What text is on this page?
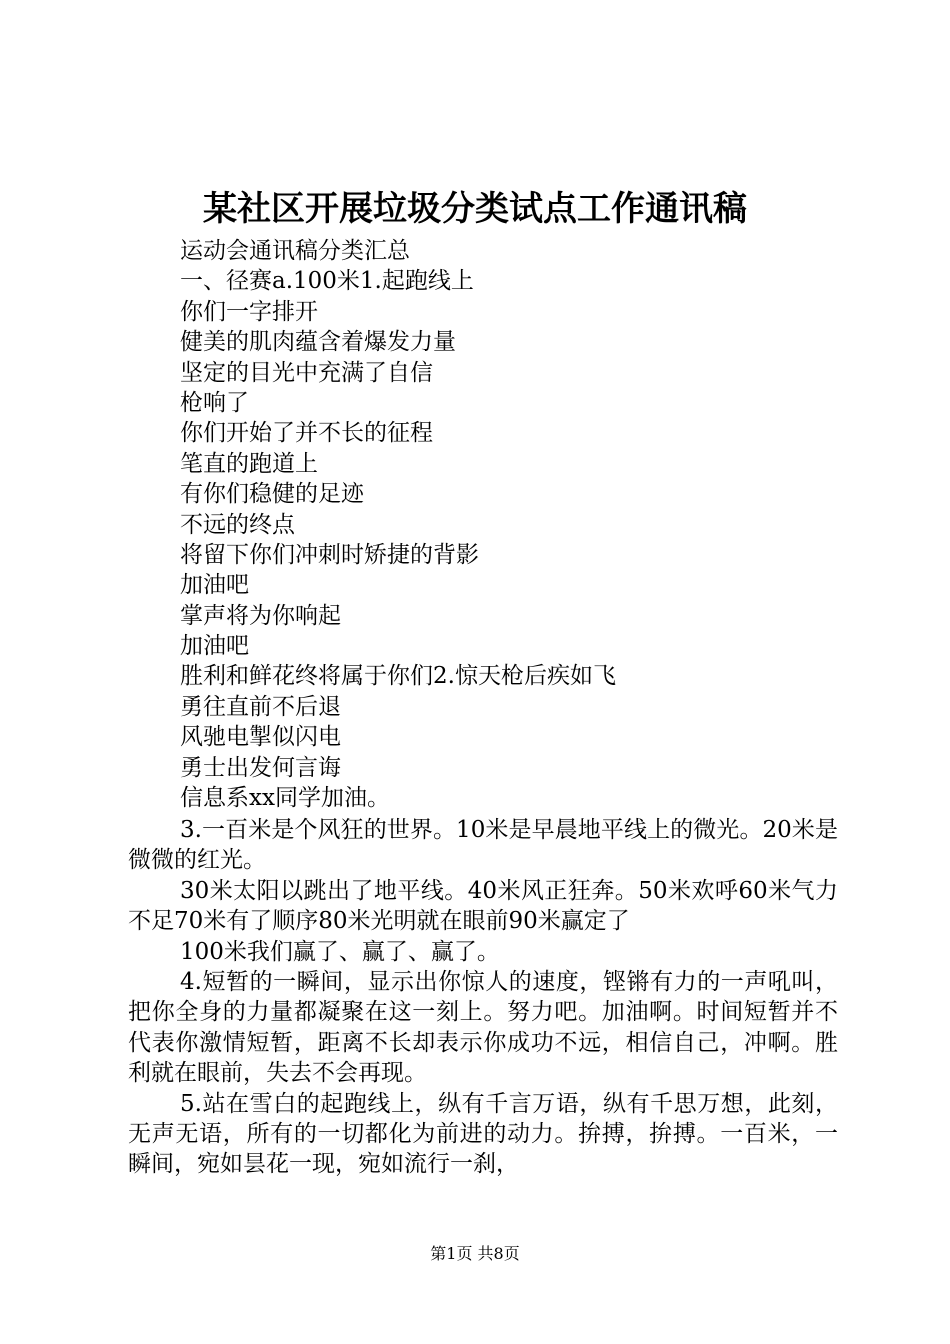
某社区开展垃圾分类试点工作通讯稿
运动会通讯稿分类汇总
一、径赛a.100米1.起跑线上
你们一字排开
健美的肌肉蕴含着爆发力量
坚定的目光中充满了自信
枪响了
你们开始了并不长的征程
笔直的跑道上
有你们稳健的足迹
不远的终点
将留下你们冲刺时矫捷的背影
加油吧
掌声将为你响起
加油吧
胜利和鲜花终将属于你们2.惊天枪后疾如飞
勇往直前不后退
风驰电掣似闪电
勇士出发何言诲
信息系xx同学加油。

3.一百米是个风狂的世界。10米是早晨地平线上的微光。20米是微微的红光。

30米太阳以跳出了地平线。40米风正狂奔。50米欢呼60米气力不足70米有了顺序80米光明就在眼前90米赢定了

100米我们赢了、赢了、赢了。

4.短暂的一瞬间，显示出你惊人的速度，铿锵有力的一声吼叫，把你全身的力量都凝聚在这一刻上。努力吧。加油啊。时间短暂并不代表你激情短暂，距离不长却表示你成功不远，相信自己，冲啊。胜利就在眼前，失去不会再现。

5.站在雪白的起跑线上，纵有千言万语，纵有千思万想，此刻，无声无语，所有的一切都化为前进的动力。拚搏，拚搏。一百米，一瞬间，宛如昙花一现，宛如流行一刹，

第1页 共8页
